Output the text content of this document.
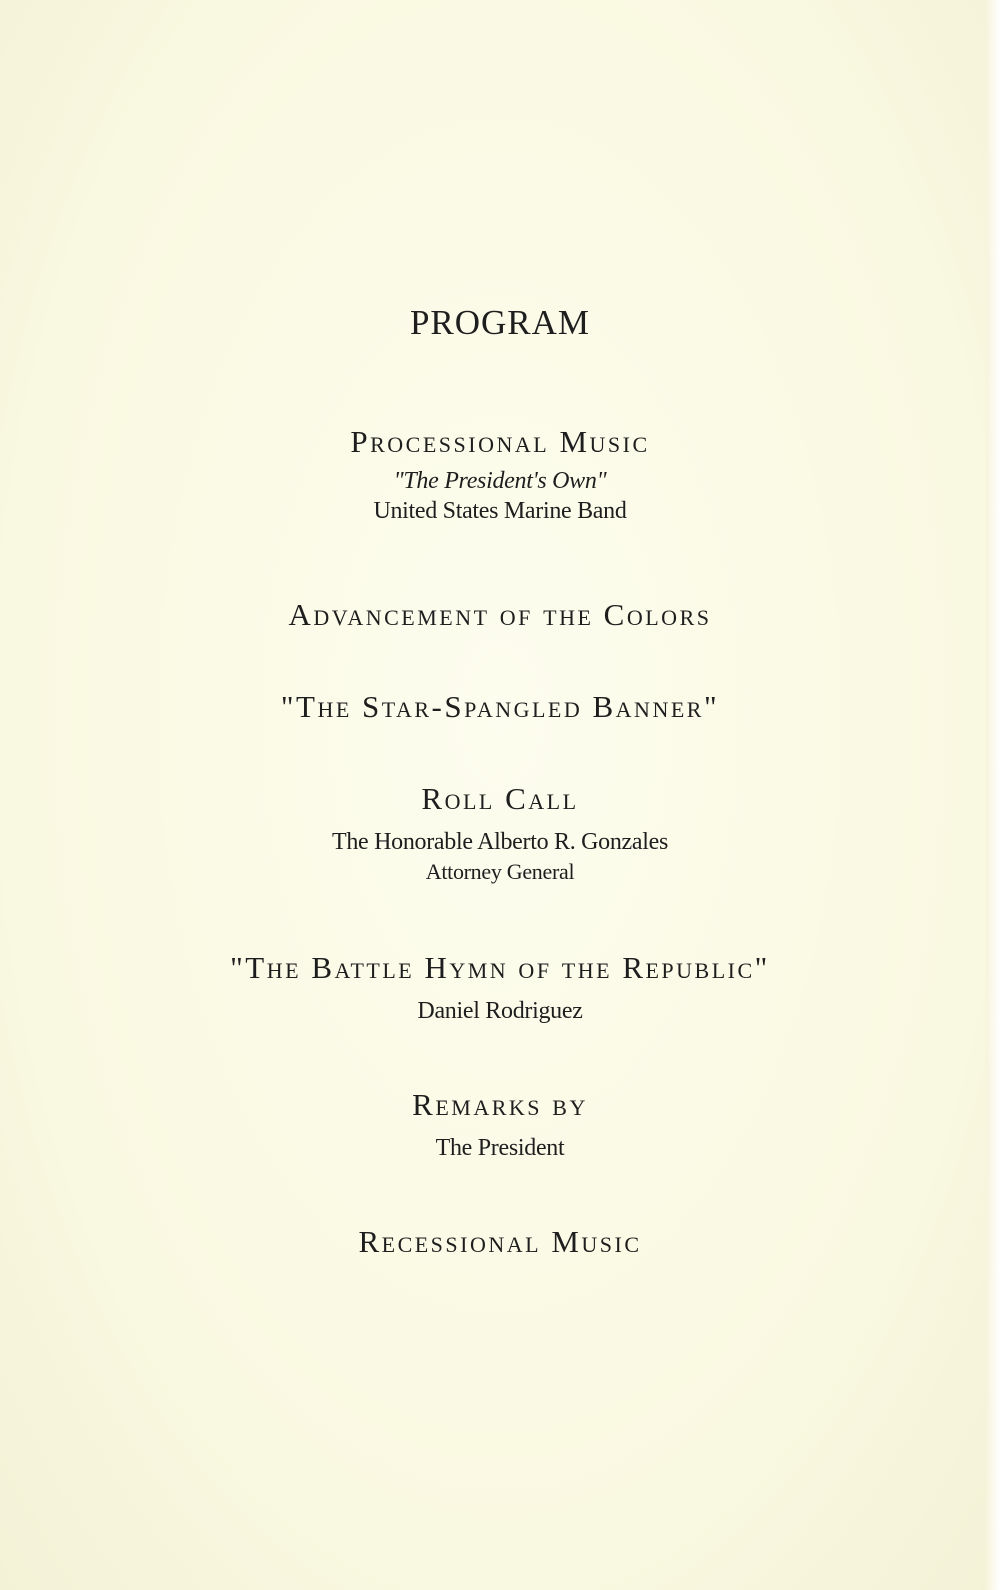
PROGRAM
Processional Music

"The President's Own"

United States Marine Band

Advancement of the Colors
"The Star-Spangled Banner"
Roll Call

The Honorable Alberto R. Gonzales

Attorney General

"The Battle Hymn of the Republic"

Daniel Rodriguez

Remarks by

The President

Recessional Music
